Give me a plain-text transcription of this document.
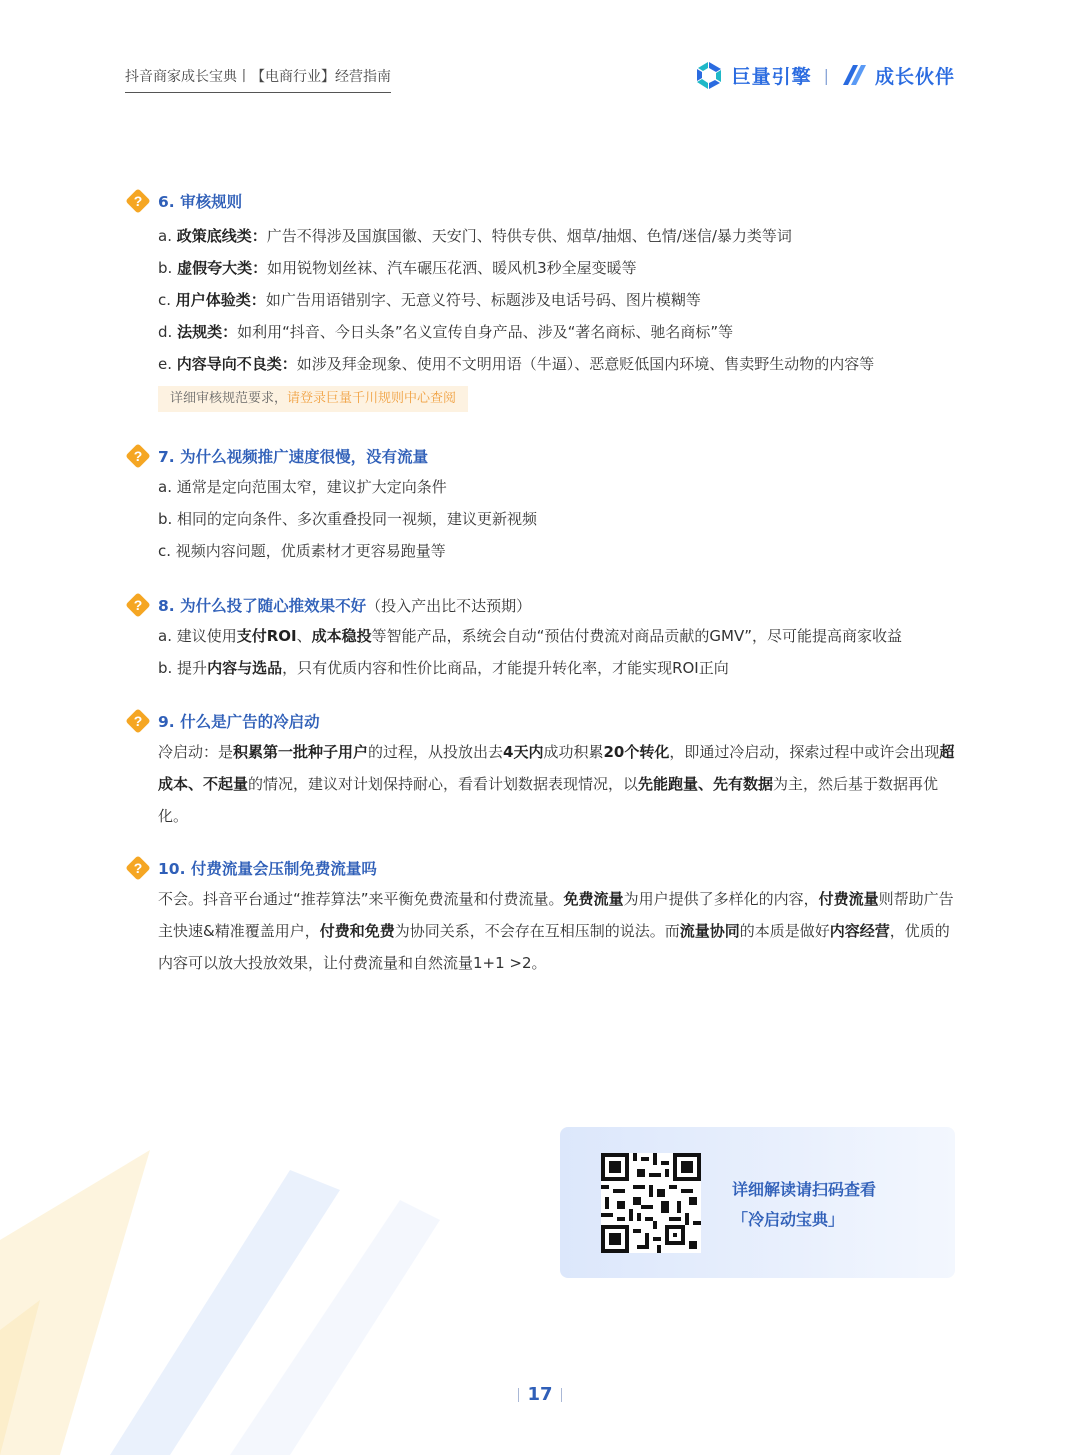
抖音商家成长宝典丨【电商行业】经营指南	巨量引擎 | 成长伙伴
? 6. 审核规则
a. 政策底线类：广告不得涉及国旗国徽、天安门、特供专供、烟草/抽烟、色情/迷信/暴力类等词
b. 虚假夸大类：如用锐物划丝袜、汽车碾压花洒、暖风机3秒全屋变暖等
c. 用户体验类：如广告用语错别字、无意义符号、标题涉及电话号码、图片模糊等
d. 法规类：如利用“抖音、今日头条”名义宣传自身产品、涉及“著名商标、驰名商标”等
e. 内容导向不良类：如涉及拜金现象、使用不文明用语（牛逼）、恶意贬低国内环境、售卖野生动物的内容等
详细审核规范要求，请登录巨量千川规则中心查阅
? 7. 为什么视频推广速度很慢，没有流量
a. 通常是定向范围太窄，建议扩大定向条件
b. 相同的定向条件、多次重叠投同一视频，建议更新视频
c. 视频内容问题，优质素材才更容易跑量等
? 8. 为什么投了随心推效果不好（投入产出比不达预期）
a. 建议使用支付ROI、成本稳投等智能产品，系统会自动“预估付费流对商品贡献的GMV”，尽可能提高商家收益
b. 提升内容与选品，只有优质内容和性价比商品，才能提升转化率，才能实现ROI正向
? 9. 什么是广告的冷启动

冷启动：是积累第一批种子用户的过程，从投放出去4天内成功积累20个转化，即通过冷启动，探索过程中或许会出现超成本、不起量的情况，建议对计划保持耐心，看看计划数据表现情况，以先能跑量、先有数据为主，然后基于数据再优化。

? 10. 付费流量会压制免费流量吗

不会。抖音平台通过“推荐算法”来平衡免费流量和付费流量。免费流量为用户提供了多样化的内容，付费流量则帮助广告主快速&精准覆盖用户，付费和免费为协同关系，不会存在互相压制的说法。而流量协同的本质是做好内容经营，优质的内容可以放大投放效果，让付费流量和自然流量1+1 >2。

详细解读请扫码查看
「冷启动宝典」
17
